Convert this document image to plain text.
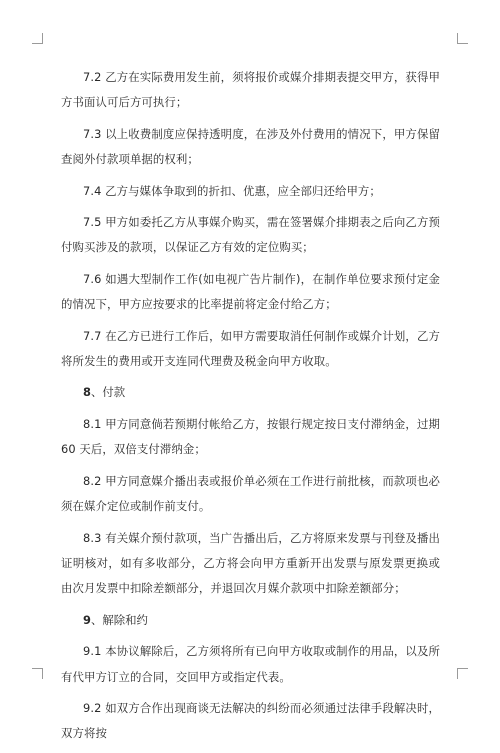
7.2 乙方在实际费用发生前，须将报价或媒介排期表提交甲方，获得甲方书面认可后方可执行；

7.3 以上收费制度应保持透明度，在涉及外付费用的情况下，甲方保留查阅外付款项单据的权利；

7.4 乙方与媒体争取到的折扣、优惠，应全部归还给甲方；

7.5 甲方如委托乙方从事媒介购买，需在签署媒介排期表之后向乙方预付购买涉及的款项，以保证乙方有效的定位购买；

7.6 如遇大型制作工作(如电视广告片制作)，在制作单位要求预付定金的情况下，甲方应按要求的比率提前将定金付给乙方；

7.7 在乙方已进行工作后，如甲方需要取消任何制作或媒介计划，乙方将所发生的费用或开支连同代理费及税金向甲方收取。

8、付款

8.1 甲方同意倘若预期付帐给乙方，按银行规定按日支付滞纳金，过期 60 天后，双倍支付滞纳金；

8.2 甲方同意媒介播出表或报价单必须在工作进行前批核，而款项也必须在媒介定位或制作前支付。

8.3 有关媒介预付款项，当广告播出后，乙方将原来发票与刊登及播出证明核对，如有多收部分，乙方将会向甲方重新开出发票与原发票更换或由次月发票中扣除差额部分，并退回次月媒介款项中扣除差额部分；

9、解除和约

9.1 本协议解除后，乙方须将所有已向甲方收取或制作的用品，以及所有代甲方订立的合同，交回甲方或指定代表。

9.2 如双方合作出现商谈无法解决的纠纷而必须通过法律手段解决时，双方将按
